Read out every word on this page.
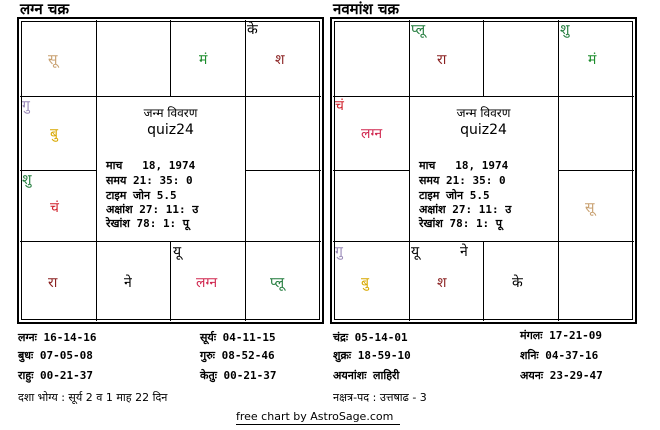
लग्न चक्र	नवमांश चक्र
सू	मं
के
श
गु
बु
शु
चं
रा	ने
यू
लग्न	प्लू
जन्म विवरण
quiz24
माच   18, 1974
समय 21: 35: 0
टाइम जोन 5.5
अक्षांश 27: 11: उ
रेखांश 78: 1: पू
प्लू
रा
शु
मं
चं
लग्न
सू
गु
बु
यू	ने
श	के
जन्म विवरण
quiz24
माच   18, 1974
समय 21: 35: 0
टाइम जोन 5.5
अक्षांश 27: 11: उ
रेखांश 78: 1: पू
लग्नः 16-14-16	सूर्यः 04-11-15	चंद्रः 05-14-01	मंगलः 17-21-09
बुधः 07-05-08	गुरुः 08-52-46	शुक्रः 18-59-10	शनिः 04-37-16
राहुः 00-21-37	केतुः 00-21-37	अयनांशः लाहिरी	अयनः 23-29-47
दशा भोग्य : सूर्य 2 व 1 माह 22 दिन	नक्षत्र-पद : उत्तषाढ - 3
free chart by AstroSage.com
